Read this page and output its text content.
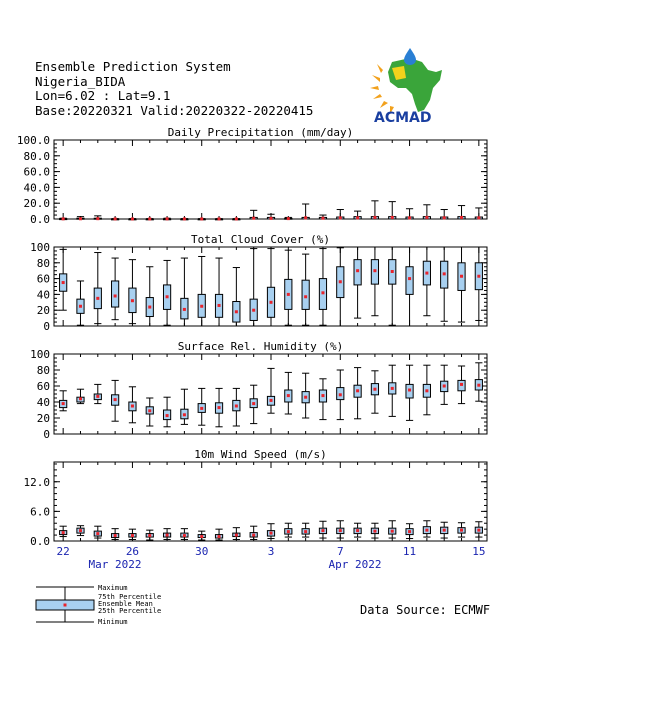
Ensemble Prediction System
Nigeria_BIDA
Lon=6.02 : Lat=9.1
Base:20220321 Valid:20220322-20220415	ACMAD
Daily Precipitation (mm/day)
0.0
20.0
40.0
60.0
80.0
100.0
Total Cloud Cover (%)
0
20
40
60
80
100
Surface Rel. Humidity (%)
0
20
40
60
80
100
10m Wind Speed (m/s)
0.0
6.0
12.0
22	26	30	3	7	11	15
Mar 2022	Apr 2022
Maximum
75th Percentile
Ensemble Mean
25th Percentile
Minimum
Data Source: ECMWF
